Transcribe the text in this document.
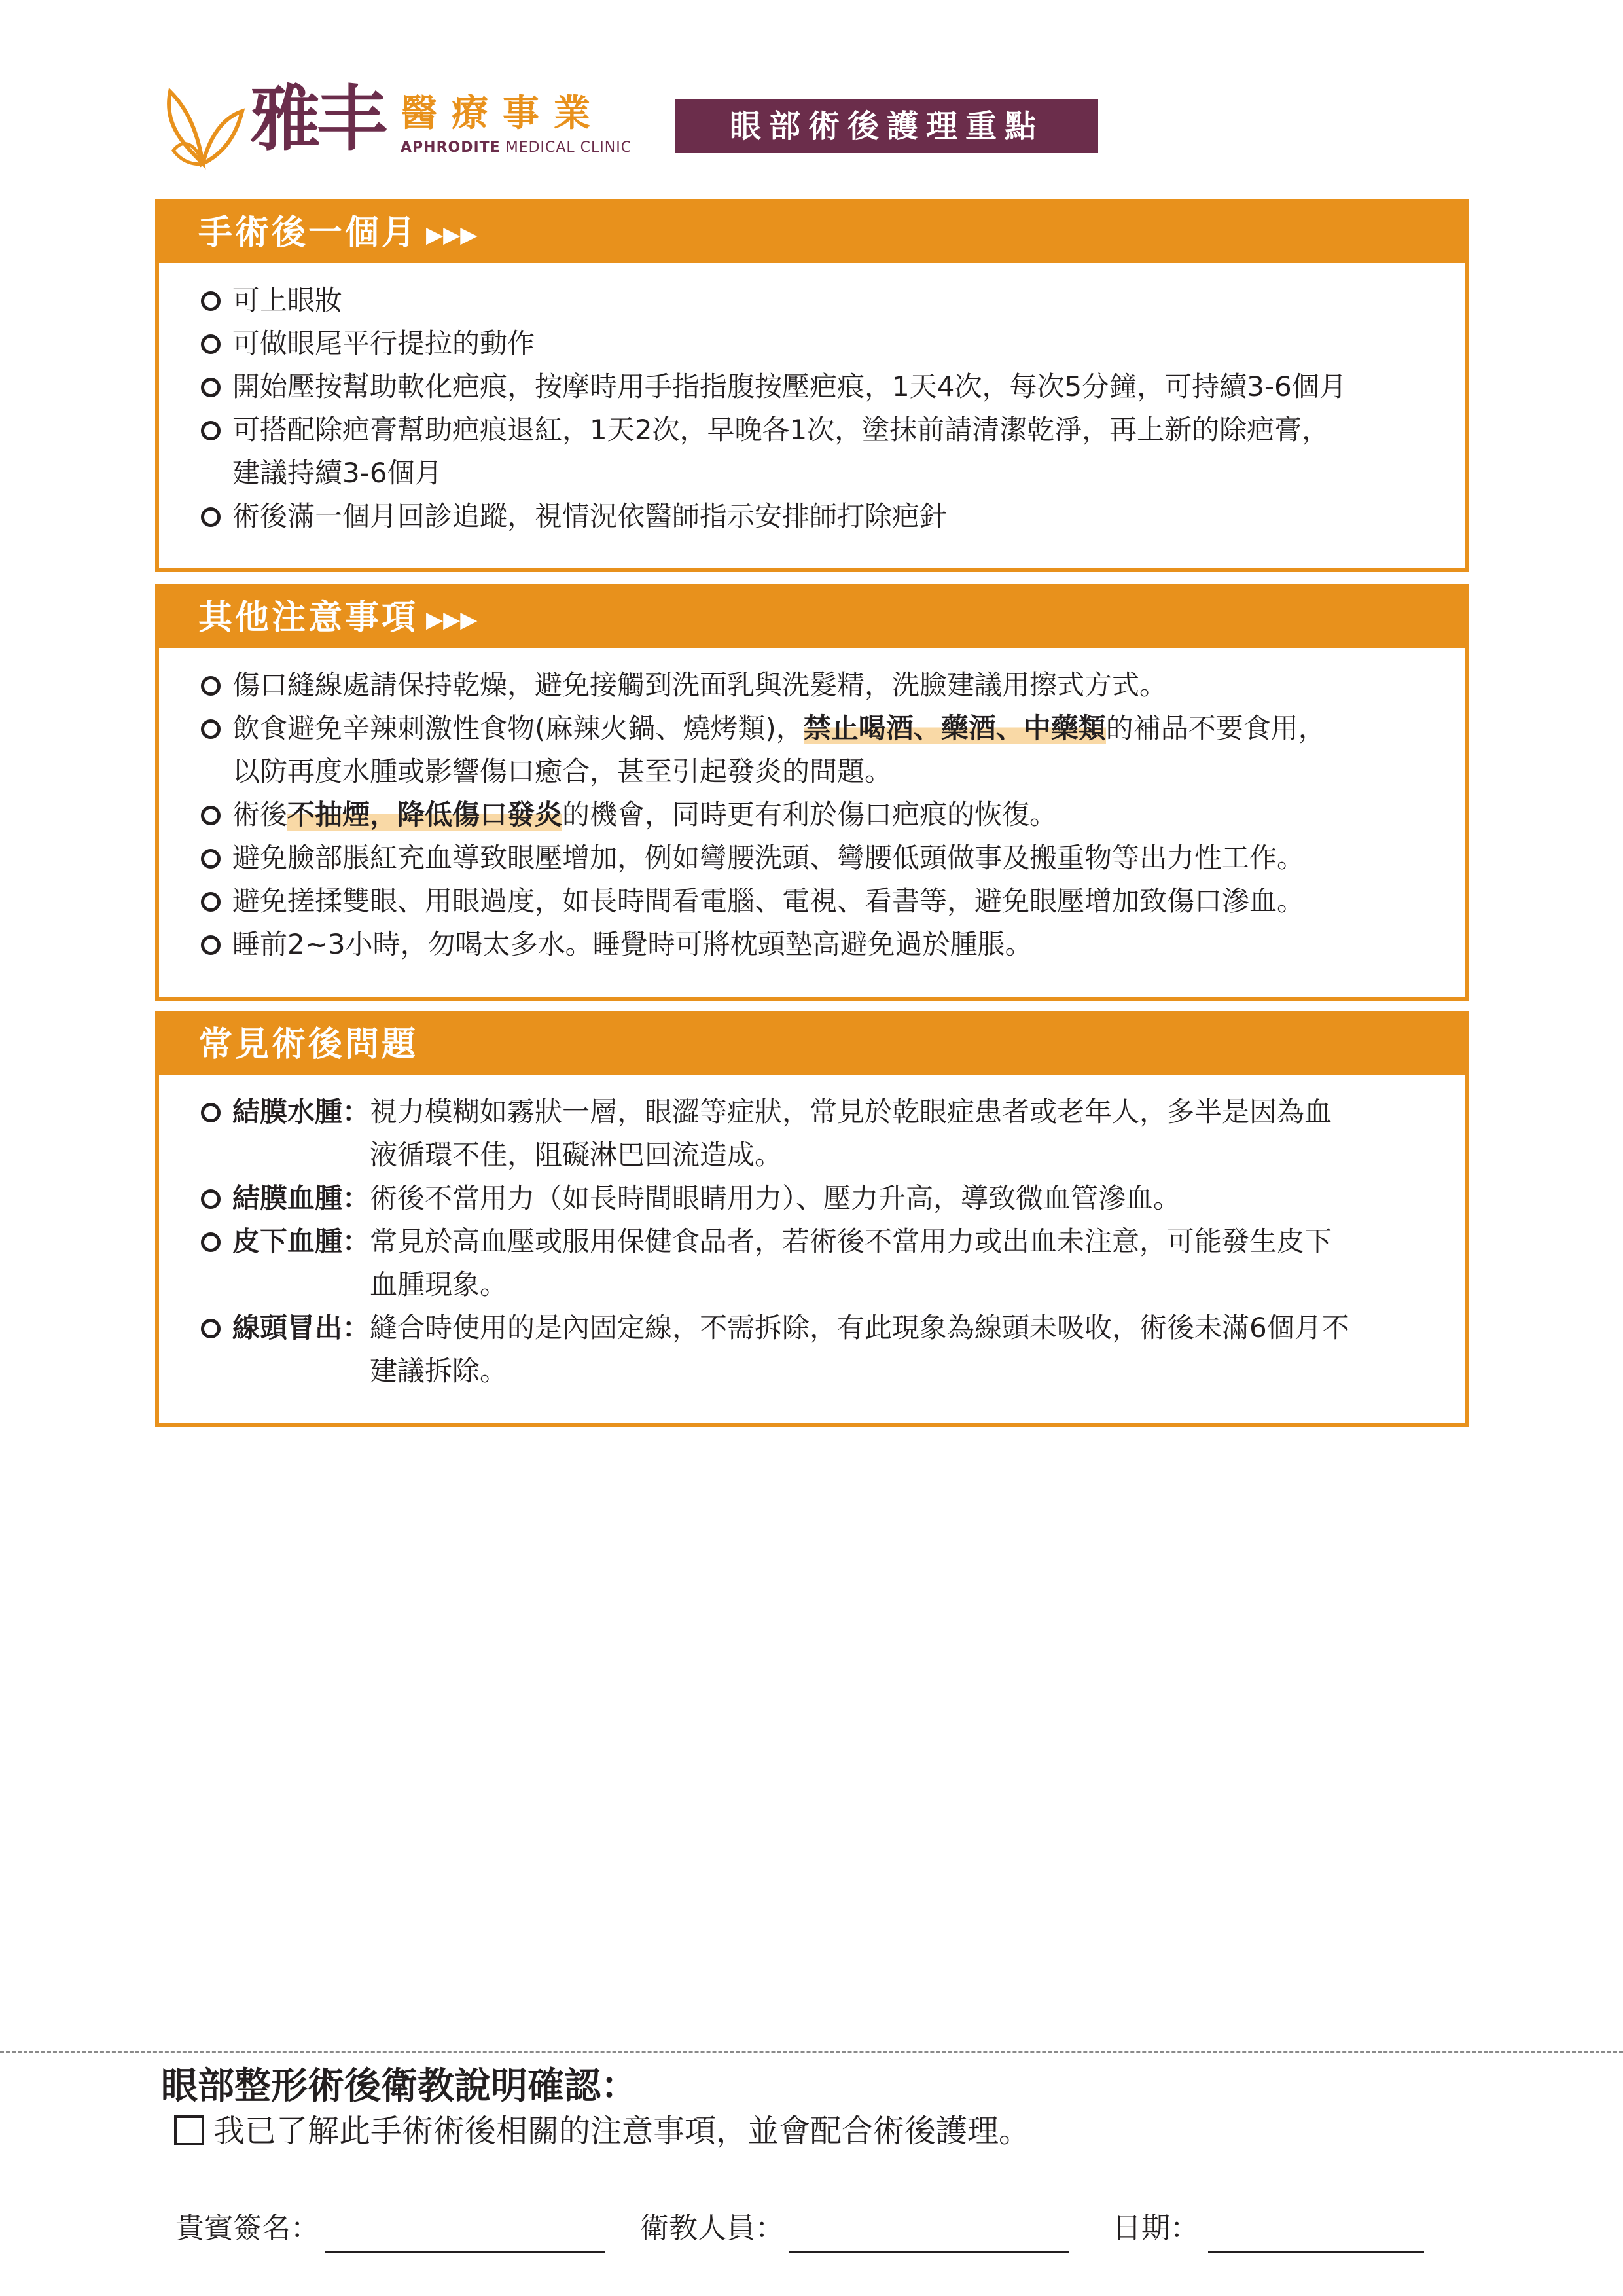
雅丰 醫療事業
APHRODITE MEDICAL CLINIC
眼部術後護理重點
手術後一個月 ▶▶▶
可上眼妝
可做眼尾平行提拉的動作
開始壓按幫助軟化疤痕，按摩時用手指指腹按壓疤痕，1天4次，每次5分鐘，可持續3-6個月
可搭配除疤膏幫助疤痕退紅，1天2次，早晚各1次，塗抹前請清潔乾淨，再上新的除疤膏，
建議持續3-6個月
術後滿一個月回診追蹤，視情況依醫師指示安排師打除疤針
其他注意事項 ▶▶▶
傷口縫線處請保持乾燥，避免接觸到洗面乳與洗髮精，洗臉建議用擦式方式。
飲食避免辛辣刺激性食物(麻辣火鍋、燒烤類)，禁止喝酒、藥酒、中藥類的補品不要食用，
以防再度水腫或影響傷口癒合，甚至引起發炎的問題。
術後不抽煙，降低傷口發炎的機會，同時更有利於傷口疤痕的恢復。
避免臉部脹紅充血導致眼壓增加，例如彎腰洗頭、彎腰低頭做事及搬重物等出力性工作。
避免搓揉雙眼、用眼過度，如長時間看電腦、電視、看書等，避免眼壓增加致傷口滲血。
睡前2~3小時，勿喝太多水。睡覺時可將枕頭墊高避免過於腫脹。
常見術後問題
結膜水腫： 視力模糊如霧狀一層，眼澀等症狀，常見於乾眼症患者或老年人，多半是因為血
液循環不佳，阻礙淋巴回流造成。
結膜血腫： 術後不當用力（如長時間眼睛用力）、壓力升高，導致微血管滲血。
皮下血腫： 常見於高血壓或服用保健食品者，若術後不當用力或出血未注意，可能發生皮下
血腫現象。
線頭冒出： 縫合時使用的是內固定線，不需拆除，有此現象為線頭未吸收，術後未滿6個月不
建議拆除。
眼部整形術後衛教說明確認：
我已了解此手術術後相關的注意事項，並會配合術後護理。
貴賓簽名：	衛教人員：	日期：
